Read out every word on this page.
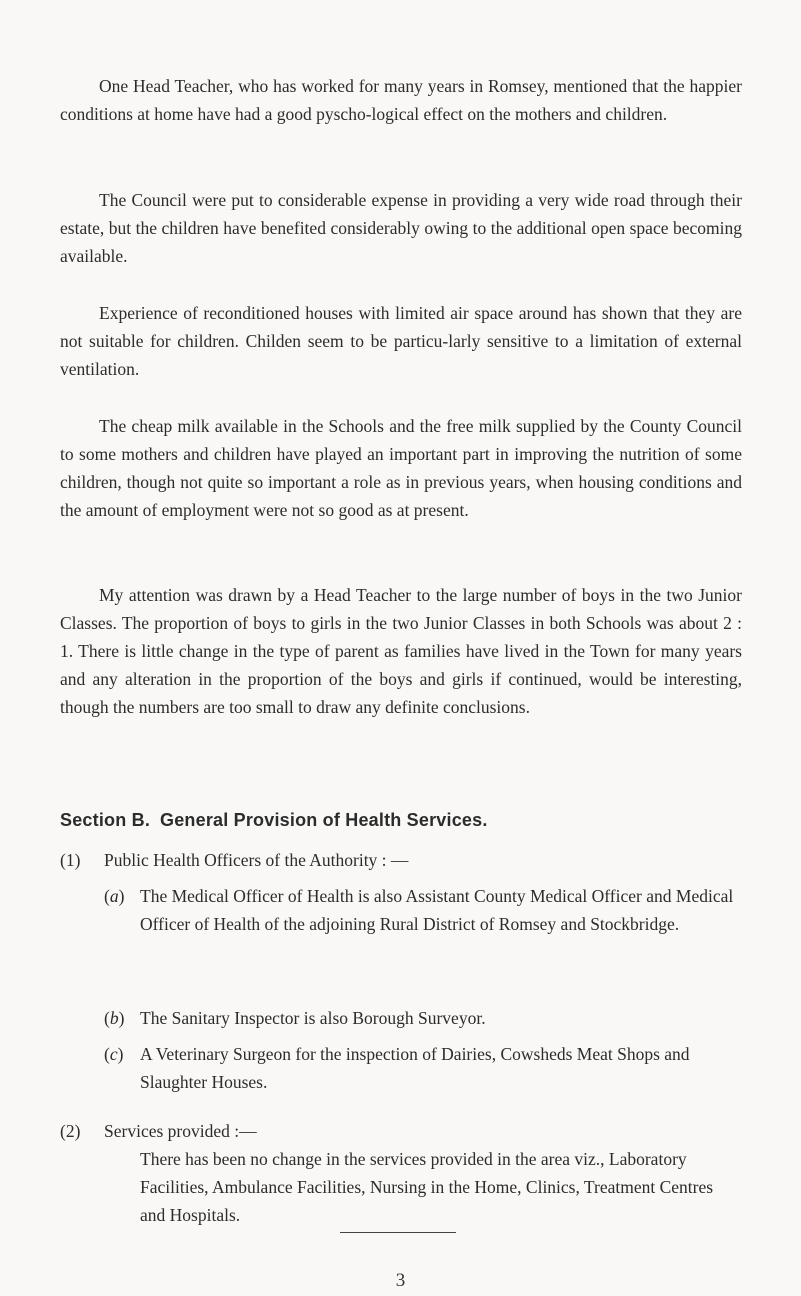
One Head Teacher, who has worked for many years in Romsey, mentioned that the happier conditions at home have had a good pyscho-logical effect on the mothers and children.

The Council were put to considerable expense in providing a very wide road through their estate, but the children have benefited considerably owing to the additional open space becoming available.

Experience of reconditioned houses with limited air space around has shown that they are not suitable for children. Childen seem to be particu-larly sensitive to a limitation of external ventilation.

The cheap milk available in the Schools and the free milk supplied by the County Council to some mothers and children have played an important part in improving the nutrition of some children, though not quite so important a role as in previous years, when housing conditions and the amount of employment were not so good as at present.

My attention was drawn by a Head Teacher to the large number of boys in the two Junior Classes. The proportion of boys to girls in the two Junior Classes in both Schools was about 2 : 1. There is little change in the type of parent as families have lived in the Town for many years and any alteration in the proportion of the boys and girls if continued, would be interesting, though the numbers are too small to draw any definite conclusions.

Section B. General Provision of Health Services.
(1) Public Health Officers of the Authority : —
(a) The Medical Officer of Health is also Assistant County Medical Officer and Medical Officer of Health of the adjoining Rural District of Romsey and Stockbridge.
(b) The Sanitary Inspector is also Borough Surveyor.
(c) A Veterinary Surgeon for the inspection of Dairies, Cowsheds Meat Shops and Slaughter Houses.
(2) Services provided :—
There has been no change in the services provided in the area viz., Laboratory Facilities, Ambulance Facilities, Nursing in the Home, Clinics, Treatment Centres and Hospitals.
3
